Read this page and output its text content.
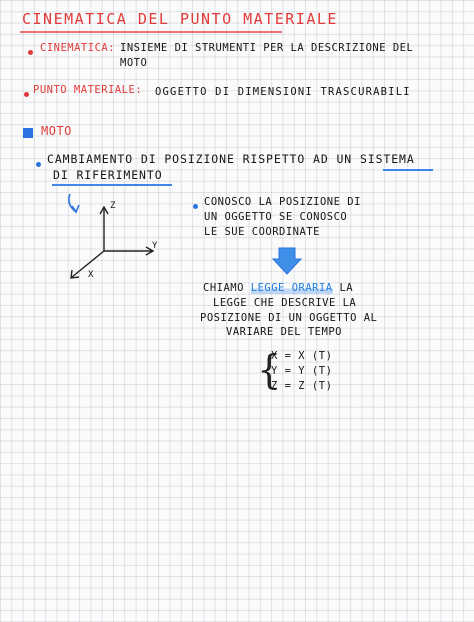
CINEMATICA DEL PUNTO MATERIALE
CINEMATICA: INSIEME DI STRUMENTI PER LA DESCRIZIONE DEL
MOTO
PUNTO MATERIALE: OGGETTO DI DIMENSIONI TRASCURABILI
MOTO
CAMBIAMENTO DI POSIZIONE RISPETTO AD UN SISTEMA
DI RIFERIMENTO
Z
Y
X
CONOSCO LA POSIZIONE DI
UN OGGETTO SE CONOSCO
LE SUE COORDINATE
CHIAMO LEGGE ORARIA LA
LEGGE CHE DESCRIVE LA
POSIZIONE DI UN OGGETTO AL
VARIARE DEL TEMPO
{
X = X (T)
Y = Y (T)
Z = Z (T)
